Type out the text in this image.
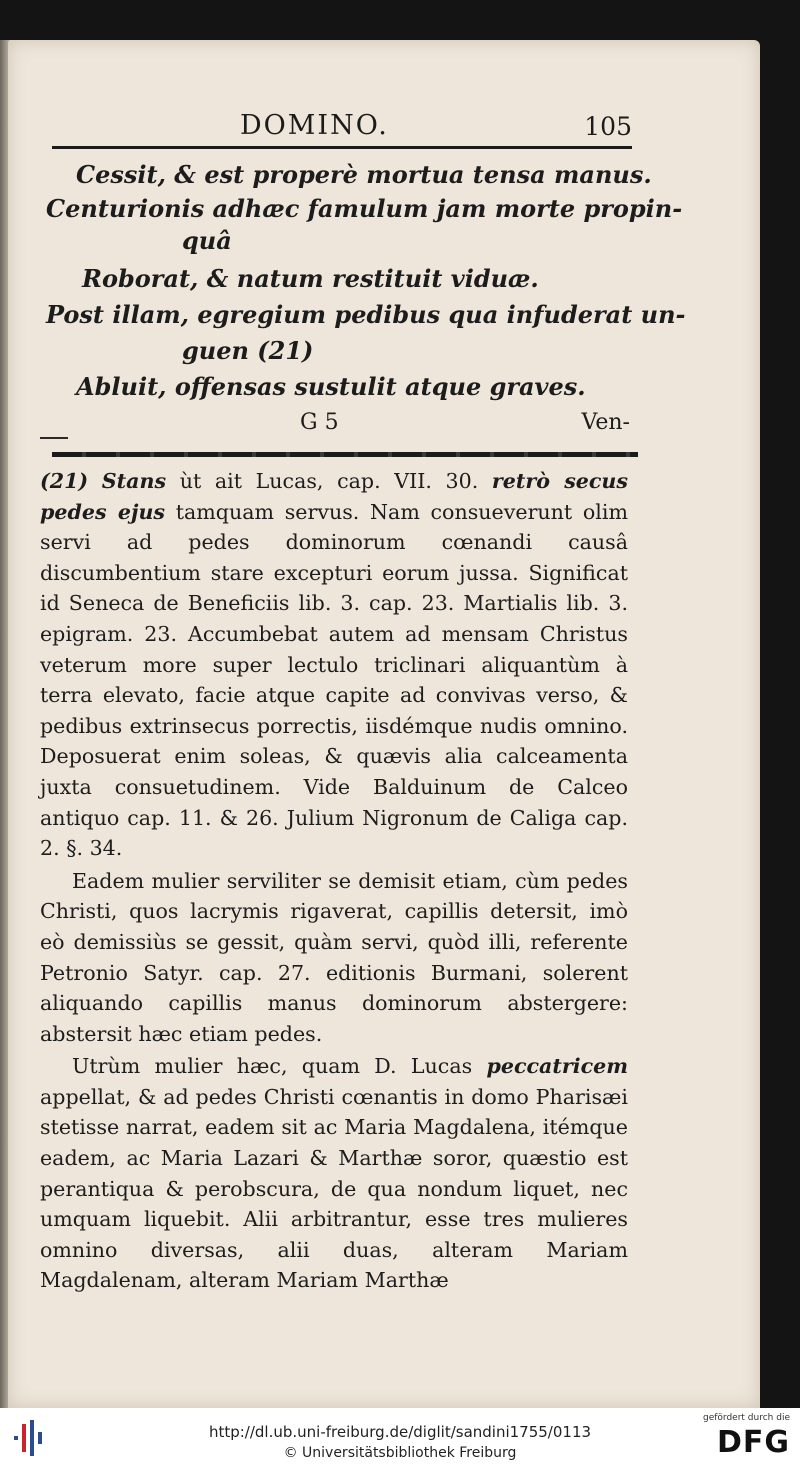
DOMINO.	105
Cessit, & est properè mortua tensa manus.
Centurionis adhæc famulum jam morte propin-
quâ
Roborat, & natum restituit viduæ.
Post illam, egregium pedibus qua infuderat un-
guen (21)
Abluit, offensas sustulit atque graves.
G 5	Ven-

(21) Stans ùt ait Lucas, cap. VII. 30. retrò secus pedes ejus tamquam servus. Nam consueverunt olim servi ad pedes dominorum cœnandi causâ discumbentium stare excepturi eorum jussa. Significat id Seneca de Beneficiis lib. 3. cap. 23. Martialis lib. 3. epigram. 23. Accumbebat autem ad mensam Christus veterum more super lectulo triclinari aliquantùm à terra elevato, facie atque capite ad convivas verso, & pedibus extrinsecus porrectis, iisdémque nudis omnino. Deposuerat enim soleas, & quævis alia calceamenta juxta consuetudinem. Vide Balduinum de Calceo antiquo cap. 11. & 26. Julium Nigronum de Caliga cap. 2. §. 34.

Eadem mulier serviliter se demisit etiam, cùm pedes Christi, quos lacrymis rigaverat, capillis detersit, imò eò demissiùs se gessit, quàm servi, quòd illi, referente Petronio Satyr. cap. 27. editionis Burmani, solerent aliquando capillis manus dominorum abstergere: abstersit hæc etiam pedes.

Utrùm mulier hæc, quam D. Lucas peccatricem appellat, & ad pedes Christi cœnantis in domo Pharisæi stetisse narrat, eadem sit ac Maria Magdalena, itémque eadem, ac Maria Lazari & Marthæ soror, quæstio est perantiqua & perobscura, de qua nondum liquet, nec umquam liquebit. Alii arbitrantur, esse tres mulieres omnino diversas, alii duas, alteram Mariam Magdalenam, alteram Mariam Marthæ

http://dl.ub.uni-freiburg.de/diglit/sandini1755/0113
© Universitätsbibliothek Freiburg
gefördert durch die
DFG
